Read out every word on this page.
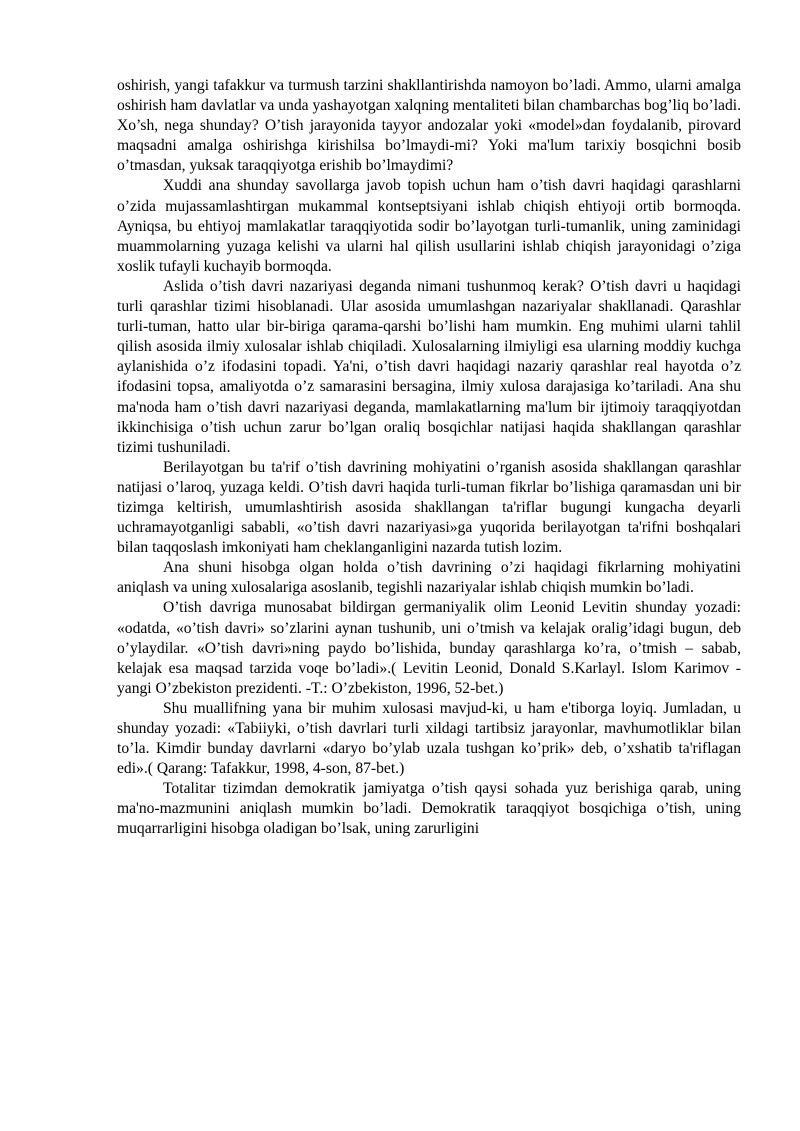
oshirish, yangi tafakkur va turmush tarzini shakllantirishda namoyon bo’ladi. Ammo, ularni amalga oshirish ham davlatlar va unda yashayotgan xalqning mentaliteti bilan chambarchas bog’liq bo’ladi. Xo’sh, nega shunday? O’tish jarayonida tayyor andozalar yoki «model»dan foydalanib, pirovard maqsadni amalga oshirishga kirishilsa bo’lmaydi-mi? Yoki ma'lum tarixiy bosqichni bosib o’tmasdan, yuksak taraqqiyotga erishib bo’lmaydimi?

Xuddi ana shunday savollarga javob topish uchun ham o’tish davri haqidagi qarashlarni o’zida mujassamlashtirgan mukammal kontseptsiyani ishlab chiqish ehtiyoji ortib bormoqda. Ayniqsa, bu ehtiyoj mamlakatlar taraqqiyotida sodir bo’layotgan turli-tumanlik, uning zaminidagi muammolarning yuzaga kelishi va ularni hal qilish usullarini ishlab chiqish jarayonidagi o’ziga xoslik tufayli kuchayib bormoqda.

Aslida o’tish davri nazariyasi deganda nimani tushunmoq kerak? O’tish davri u haqidagi turli qarashlar tizimi hisoblanadi. Ular asosida umumlashgan nazariyalar shakllanadi. Qarashlar turli-tuman, hatto ular bir-biriga qarama-qarshi bo’lishi ham mumkin. Eng muhimi ularni tahlil qilish asosida ilmiy xulosalar ishlab chiqiladi. Xulosalarning ilmiyligi esa ularning moddiy kuchga aylanishida o’z ifodasini topadi. Ya'ni, o’tish davri haqidagi nazariy qarashlar real hayotda o’z ifodasini topsa, amaliyotda o’z samarasini bersagina, ilmiy xulosa darajasiga ko’tariladi. Ana shu ma'noda ham o’tish davri nazariyasi deganda, mamlakatlarning ma'lum bir ijtimoiy taraqqiyotdan ikkinchisiga o’tish uchun zarur bo’lgan oraliq bosqichlar natijasi haqida shakllangan qarashlar tizimi tushuniladi.

Berilayotgan bu ta'rif o’tish davrining mohiyatini o’rganish asosida shakllangan qarashlar natijasi o’laroq, yuzaga keldi. O’tish davri haqida turli-tuman fikrlar bo’lishiga qaramasdan uni bir tizimga keltirish, umumlashtirish asosida shakllangan ta'riflar bugungi kungacha deyarli uchramayotganligi sababli, «o’tish davri nazariyasi»ga yuqorida berilayotgan ta'rifni boshqalari bilan taqqoslash imkoniyati ham cheklanganligini nazarda tutish lozim.

Ana shuni hisobga olgan holda o’tish davrining o’zi haqidagi fikrlarning mohiyatini aniqlash va uning xulosalariga asoslanib, tegishli nazariyalar ishlab chiqish mumkin bo’ladi.

O’tish davriga munosabat bildirgan germaniyalik olim Leonid Levitin shunday yozadi: «odatda, «o’tish davri» so’zlarini aynan tushunib, uni o’tmish va kelajak oralig’idagi bugun, deb o’ylaydilar. «O’tish davri»ning paydo bo’lishida, bunday qarashlarga ko’ra, o’tmish – sabab, kelajak esa maqsad tarzida voqe bo’ladi».( Levitin Leonid, Donald S.Karlayl. Islom Karimov - yangi O’zbekiston prezidenti. -T.: O’zbekiston, 1996, 52-bet.)

Shu muallifning yana bir muhim xulosasi mavjud-ki, u ham e'tiborga loyiq. Jumladan, u shunday yozadi: «Tabiiyki, o’tish davrlari turli xildagi tartibsiz jarayonlar, mavhumotliklar bilan to’la. Kimdir bunday davrlarni «daryo bo’ylab uzala tushgan ko’prik» deb, o’xshatib ta'riflagan edi».( Qarang: Tafakkur, 1998, 4-son, 87-bet.)

Totalitar tizimdan demokratik jamiyatga o’tish qaysi sohada yuz berishiga qarab, uning ma'no-mazmunini aniqlash mumkin bo’ladi. Demokratik taraqqiyot bosqichiga o’tish, uning muqarrarligini hisobga oladigan bo’lsak, uning zarurligini
